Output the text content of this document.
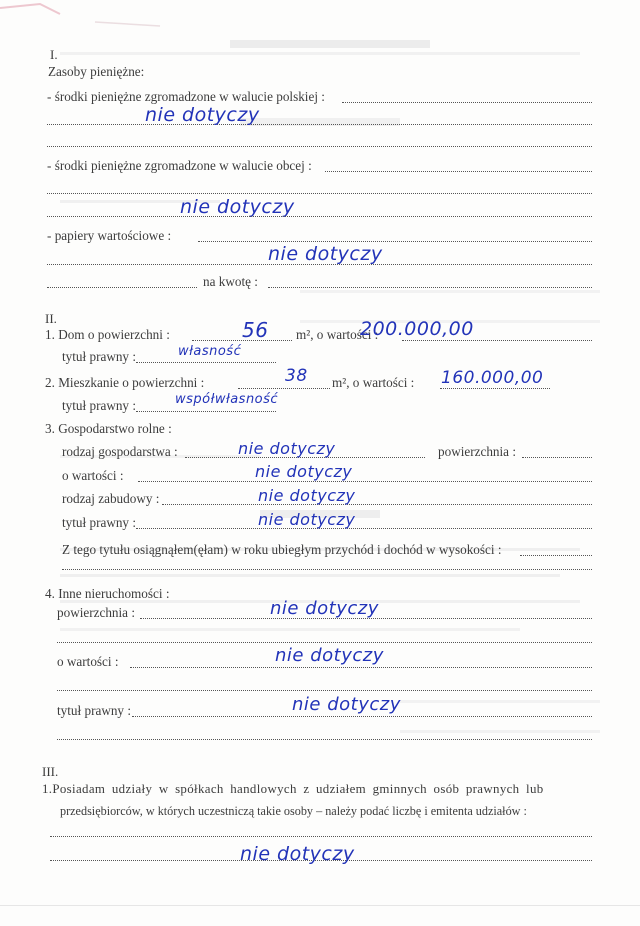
I.
Zasoby pieniężne:
- środki pieniężne zgromadzone w walucie polskiej :
nie dotyczy
- środki pieniężne zgromadzone w walucie obcej :
nie dotyczy
- papiery wartościowe :
nie dotyczy
na kwotę :
II.
1. Dom o powierzchni :	56 m², o wartości :
200.000,00
tytuł prawny :	własność
2. Mieszkanie o powierzchni :	38 m², o wartości : 160.000,00
tytuł prawny :	współwłasność
3. Gospodarstwo rolne :
rodzaj gospodarstwa :	nie dotyczy	powierzchnia :
o wartości :	nie dotyczy
rodzaj zabudowy :	nie dotyczy
tytuł prawny :	nie dotyczy
Z tego tytułu osiągnąłem(ęłam) w roku ubiegłym przychód i dochód w wysokości :
4. Inne nieruchomości :
powierzchnia :	nie dotyczy
o wartości :	nie dotyczy
tytuł prawny :	nie dotyczy
III.
1.Posiadam udziały w spółkach handlowych z udziałem gminnych osób prawnych lub
przedsiębiorców, w których uczestniczą takie osoby – należy podać liczbę i emitenta udziałów :
nie dotyczy
